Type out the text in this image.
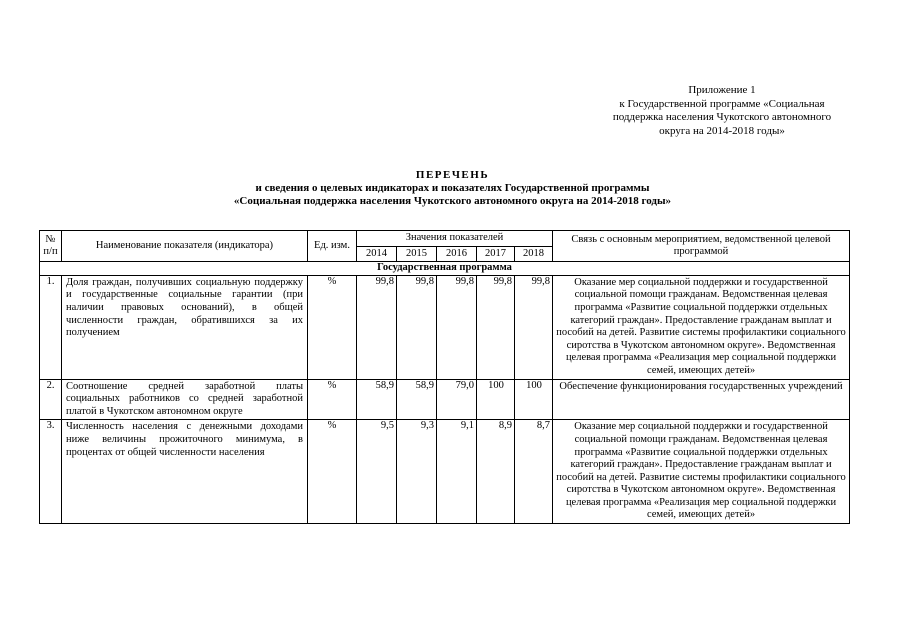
Приложение 1
к Государственной программе «Социальная
поддержка населения Чукотского автономного
округа на 2014-2018 годы»
ПЕРЕЧЕНЬ
и сведения о целевых индикаторах и показателях Государственной программы
«Социальная поддержка населения Чукотского автономного округа на 2014-2018 годы»
№ п/п	Наименование показателя (индикатора)	Ед. изм.	Значения показателей					Связь с основным мероприятием, ведомственной целевой программой
			2014	2015	2016	2017	2018	
Государственная программа								
1.	Доля граждан, получивших социальную поддержку и государственные социальные гарантии (при наличии правовых оснований), в общей численности граждан, обратившихся за их получением	%	99,8	99,8	99,8	99,8	99,8	Оказание мер социальной поддержки и государственной социальной помощи гражданам. Ведомственная целевая программа «Развитие социальной поддержки отдельных категорий граждан». Предоставление гражданам выплат и пособий на детей. Развитие системы профилактики социального сиротства в Чукотском автономном округе». Ведомственная целевая программа «Реализация мер социальной поддержки семей, имеющих детей»
2.	Соотношение средней заработной платы социальных работников со средней заработной платой в Чукотском автономном округе	%	58,9	58,9	79,0	100	100	Обеспечение функционирования государственных учреждений
3.	Численность населения с денежными доходами ниже величины прожиточного минимума, в процентах от общей численности населения	%	9,5	9,3	9,1	8,9	8,7	Оказание мер социальной поддержки и государственной социальной помощи гражданам. Ведомственная целевая программа «Развитие социальной поддержки отдельных категорий граждан». Предоставление гражданам выплат и пособий на детей. Развитие системы профилактики социального сиротства в Чукотском автономном округе». Ведомственная целевая программа «Реализация мер социальной поддержки семей, имеющих детей»
